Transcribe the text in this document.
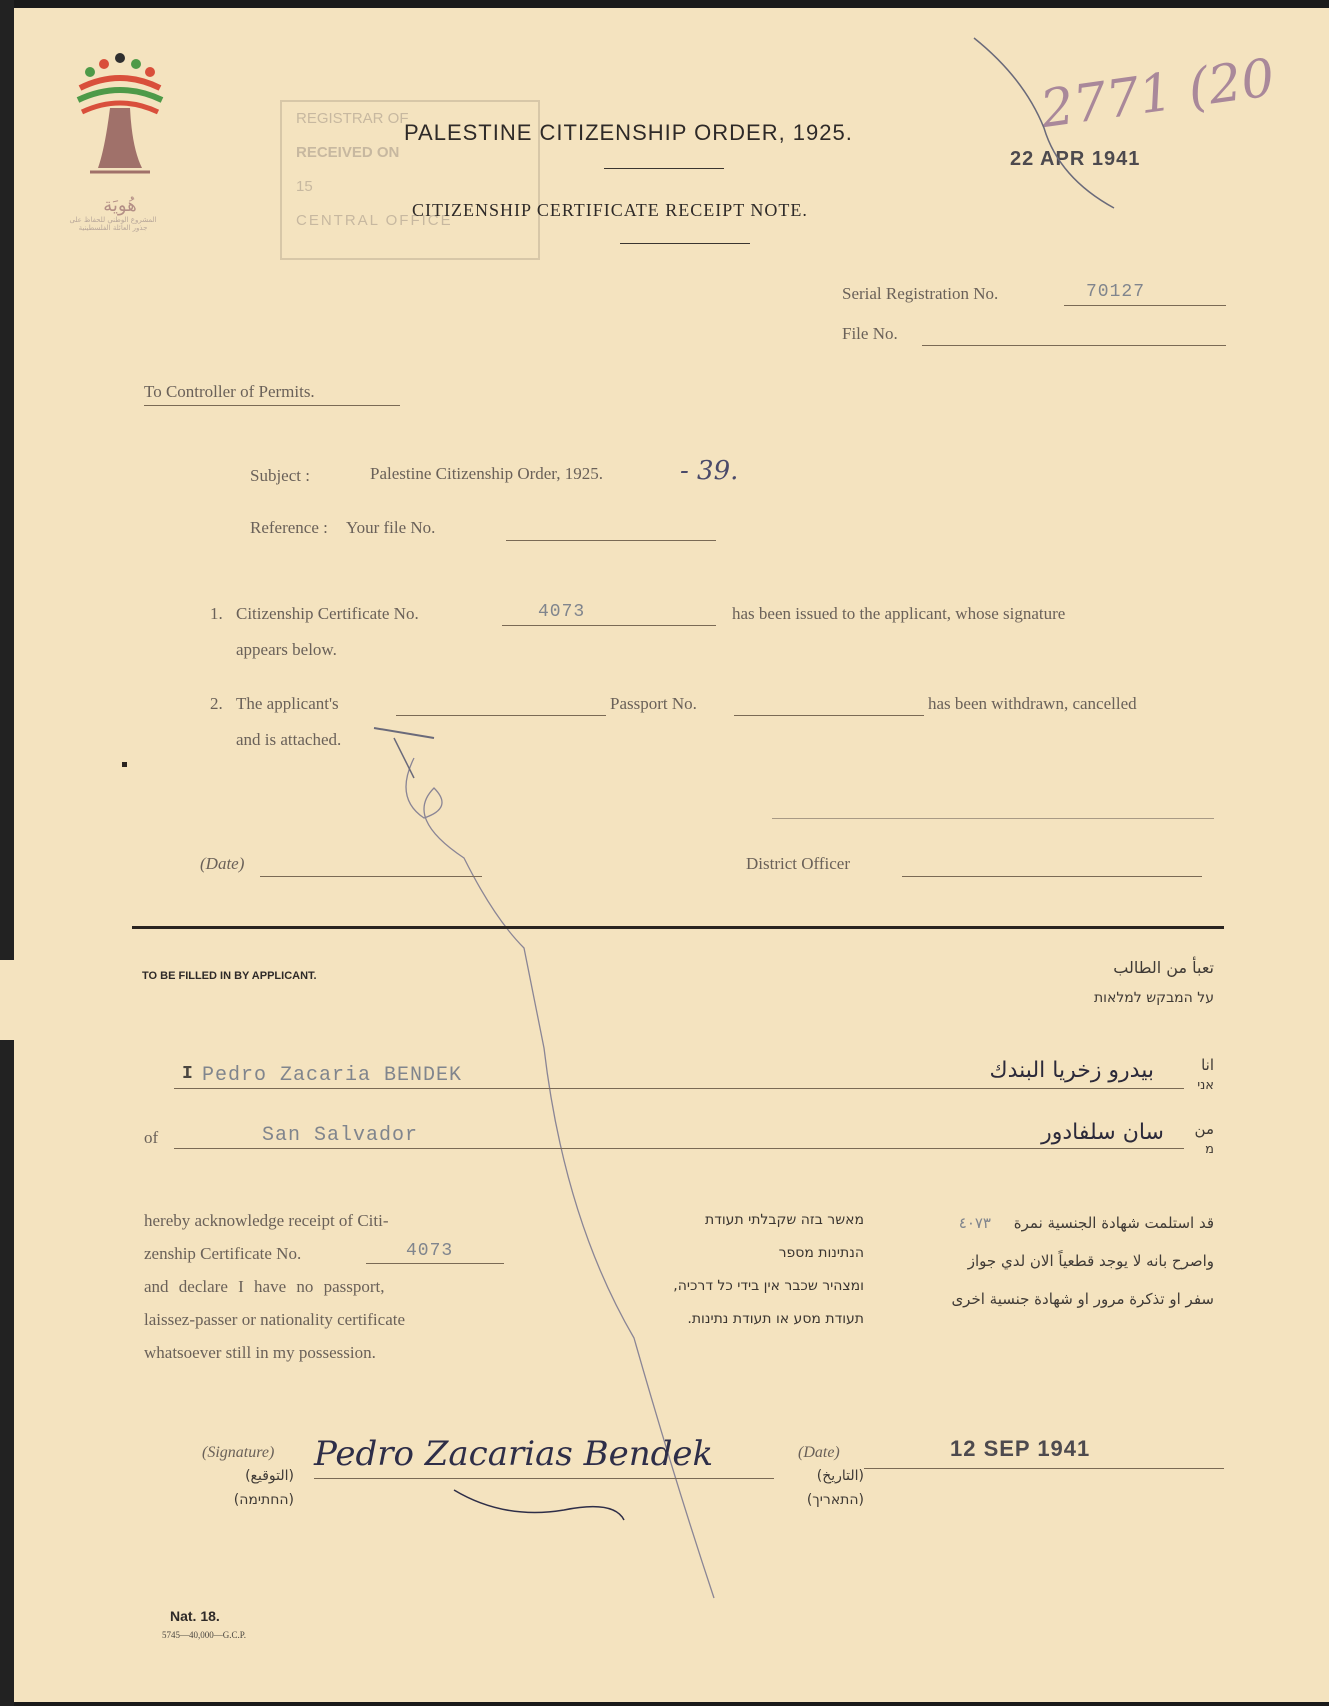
هُويَة
المشروع الوطني للحفاظ على
جذور العائلة الفلسطينية
REGISTRAR OF
RECEIVED ON
15
CENTRAL OFFICE
PALESTINE CITIZENSHIP ORDER, 1925.
CITIZENSHIP CERTIFICATE RECEIPT NOTE.
22 APR 1941
2771 (20
Serial Registration No.	70127
File No.
To Controller of Permits.
Subject :	Palestine Citizenship Order, 1925.	- 39.
Reference : Your file No.
1. Citizenship Certificate No.	4073	has been issued to the applicant, whose signature
appears below.
2. The applicant's	Passport No.	has been withdrawn, cancelled
and is attached.
(Date)	District Officer
TO BE FILLED IN BY APPLICANT.	تعبأ من الطالب
על המבקש למלאות
I Pedro Zacaria BENDEK	بيدرو زخريا البندك	انا
אני
of	San Salvador	سان سلفادور	من
מ
hereby acknowledge receipt of Citi-
zenship Certificate No.	4073
and declare I have no passport,
laissez-passer or nationality certificate
whatsoever still in my possession.
מאשר בזה שקבלתי תעודת
הנתינות מספר
ומצהיר שכבר אין בידי כל דרכיה,
תעודת מסע או תעודת נתינות.
قد استلمت شهادة الجنسية نمرة ٤٠٧٣
واصرح بانه لا يوجد قطعياً الان لدي جواز
سفر او تذكرة مرور او شهادة جنسية اخرى
(Signature)
(التوقيع)
(החתימה)
Pedro Zacarias Bendek	(Date)
(التاريخ)
(התאריך)
12 SEP 1941
Nat. 18.
5745—40,000—G.C.P.
